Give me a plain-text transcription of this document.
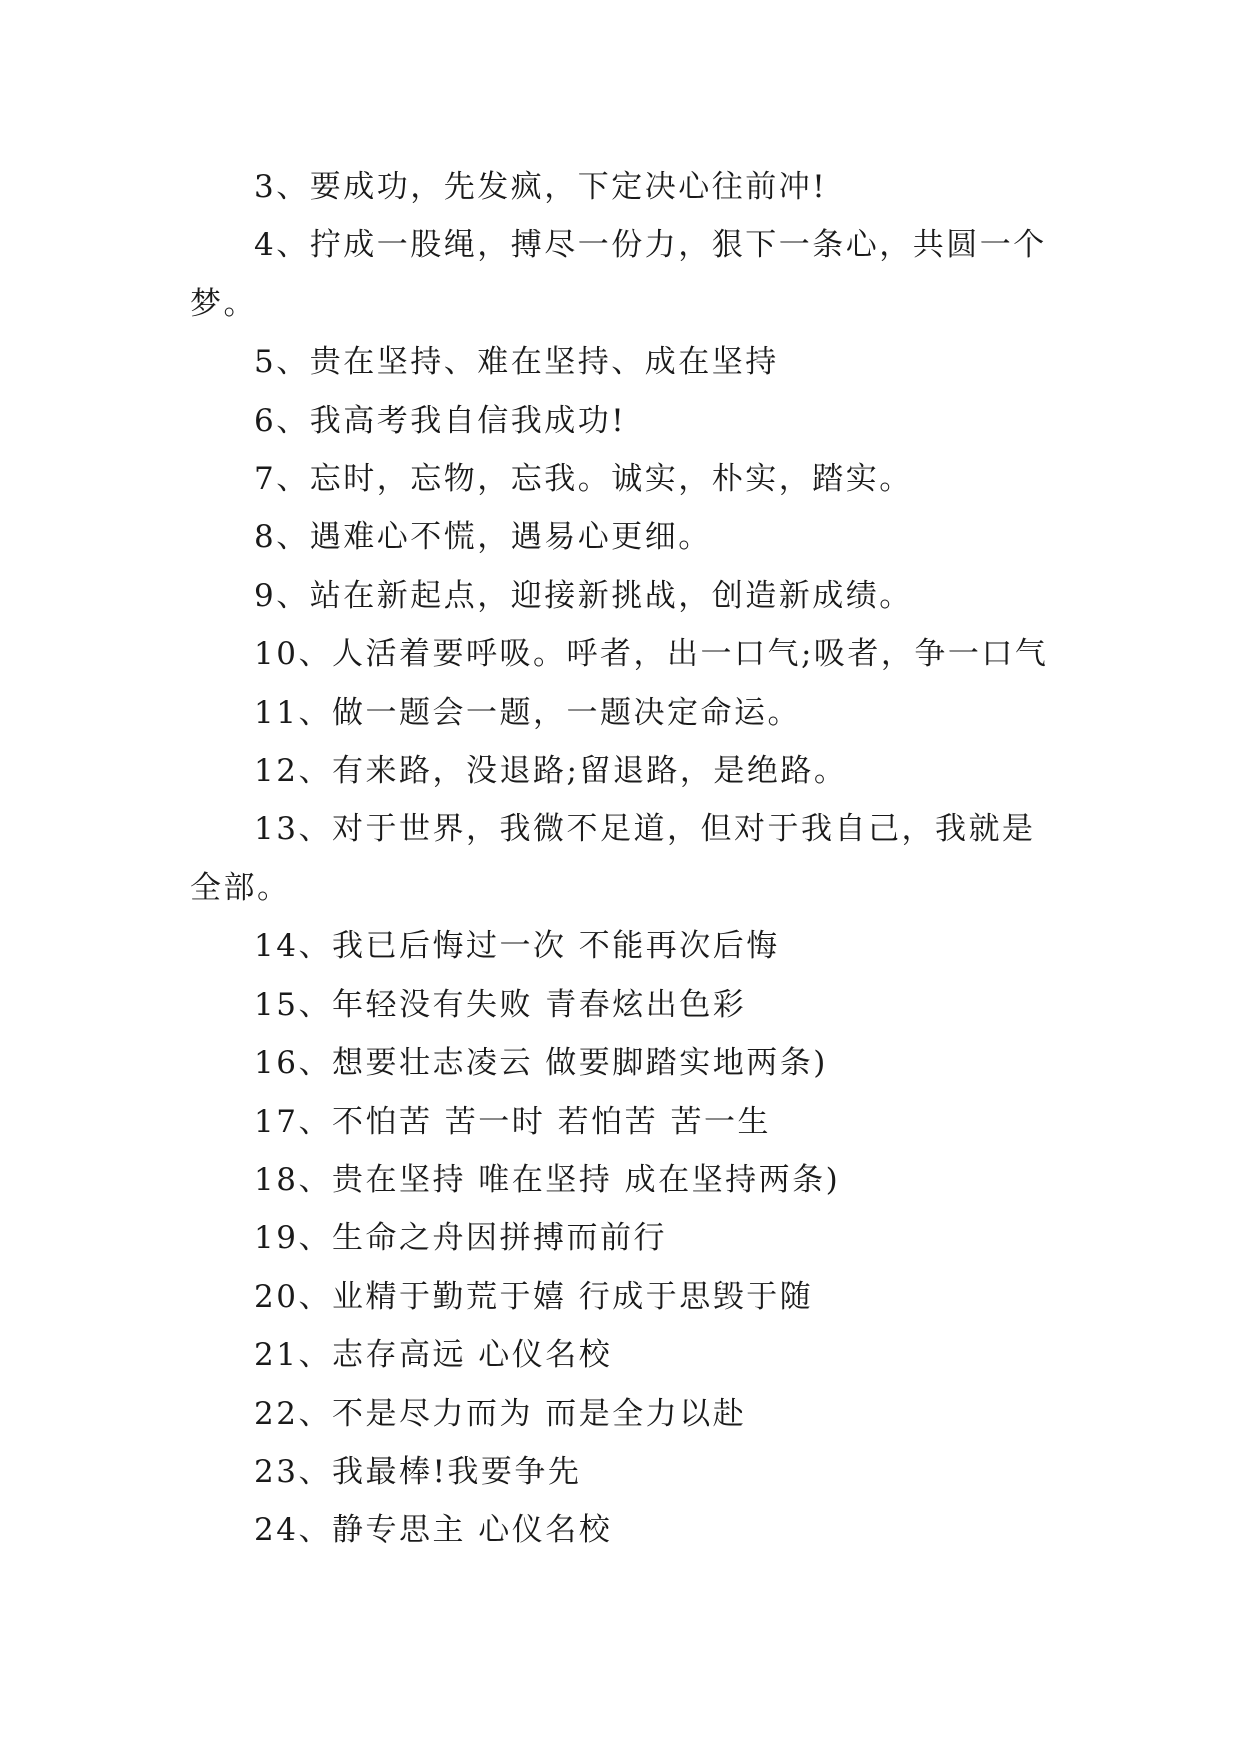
3、要成功，先发疯，下定决心往前冲!

4、拧成一股绳，搏尽一份力，狠下一条心，共圆一个梦。

5、贵在坚持、难在坚持、成在坚持

6、我高考我自信我成功!

7、忘时，忘物，忘我。诚实，朴实，踏实。

8、遇难心不慌，遇易心更细。

9、站在新起点，迎接新挑战，创造新成绩。

10、人活着要呼吸。呼者，出一口气;吸者，争一口气

11、做一题会一题，一题决定命运。

12、有来路，没退路;留退路，是绝路。

13、对于世界，我微不足道，但对于我自己，我就是全部。

14、我已后悔过一次 不能再次后悔

15、年轻没有失败 青春炫出色彩

16、想要壮志凌云 做要脚踏实地两条)

17、不怕苦 苦一时 若怕苦 苦一生

18、贵在坚持 唯在坚持 成在坚持两条)

19、生命之舟因拼搏而前行

20、业精于勤荒于嬉 行成于思毁于随

21、志存高远 心仪名校

22、不是尽力而为 而是全力以赴

23、我最棒!我要争先

24、静专思主 心仪名校
